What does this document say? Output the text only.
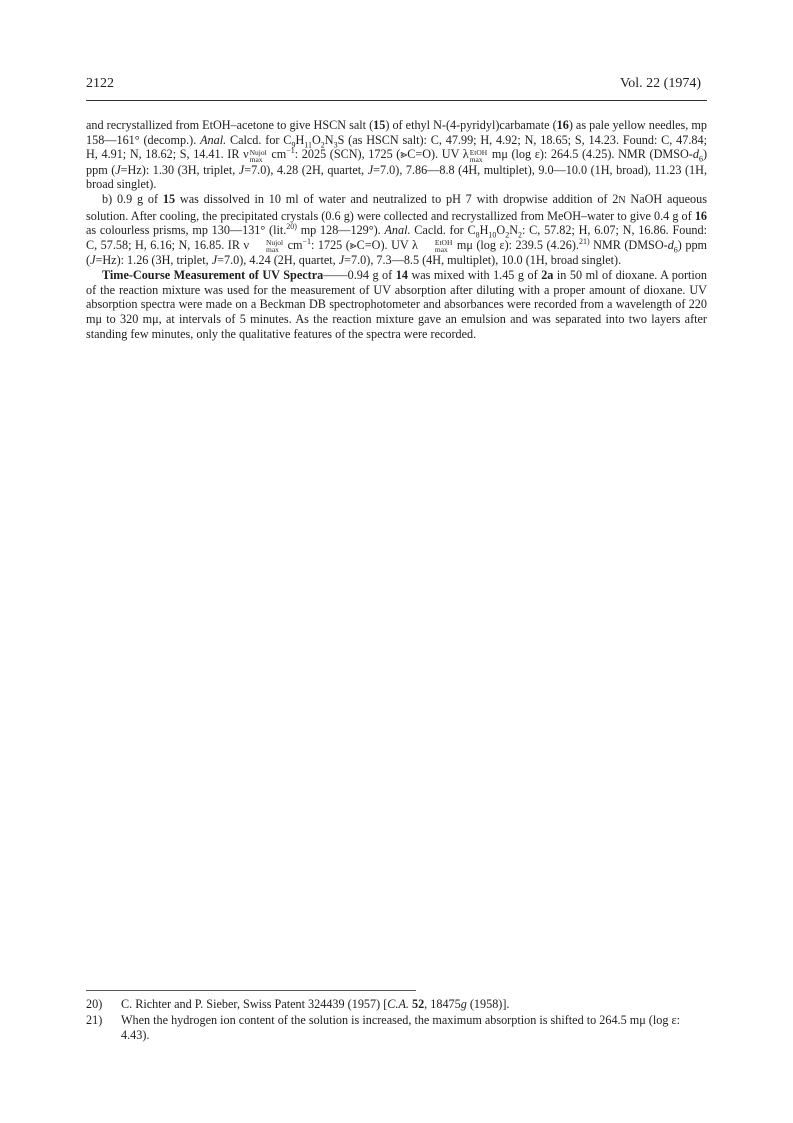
2122	Vol. 22 (1974)

and recrystallized from EtOH–acetone to give HSCN salt (15) of ethyl N-(4-pyridyl)carbamate (16) as pale yellow needles, mp 158—161° (decomp.). Anal. Calcd. for $C_9H_{11}O_2N_3S$ (as HSCN salt): C, 47.99; H, 4.92; N, 18.65; S, 14.23. Found: C, 47.84; H, 4.91; N, 18.62; S, 14.41. IR ν Nujol
$\max cm^{-1}$: 2025 (SCN), 1725 (⪢C=O). UV λ EtOH
max mμ (log ε): 264.5 (4.25). NMR $(DMSO-d_6)$ ppm (J=Hz): 1.30 (3H, triplet, J=7.0), 4.28 (2H, quartet, J=7.0), 7.86—8.8 (4H, multiplet), 9.0—10.0 (1H, broad), 11.23 (1H, broad singlet).

b) 0.9 g of 15 was dissolved in 10 ml of water and neutralized to pH 7 with dropwise addition of 2N NaOH aqueous solution. After cooling, the precipitated crystals (0.6 g) were collected and recrystallized from MeOH–water to give 0.4 g of 16 as colourless prisms, mp 130—131° (lit.$^{20)}$ mp 128—129°). Anal. Cacld. for $C_8H_{10}O_2N_2$: C, 57.82; H, 6.07; N, 16.86. Found: C, 57.58; H, 6.16; N, 16.85. IR ν	Nujol
$\max cm^{-1}$: 1725 (⪢C=O). UV λ	EtOH
max mμ (log ε): 239.5 (4.26).$^{21)}$ NMR $(DMSO-d_6)$ ppm (J=Hz): 1.26 (3H, triplet, J=7.0), 4.24 (2H, quartet, J=7.0), 7.3—8.5 (4H, multiplet), 10.0 (1H, broad singlet).

Time-Course Measurement of UV Spectra——0.94 g of 14 was mixed with 1.45 g of 2a in 50 ml of dioxane. A portion of the reaction mixture was used for the measurement of UV absorption after diluting with a proper amount of dioxane. UV absorption spectra were made on a Beckman DB spectrophotometer and absorbances were recorded from a wavelength of 220 mμ to 320 mμ, at intervals of 5 minutes. As the reaction mixture gave an emulsion and was separated into two layers after standing few minutes, only the qualitative features of the spectra were recorded.

20)	C. Richter and P. Sieber, Swiss Patent 324439 (1957) [C.A. 52, 18475g (1958)].
21)	When the hydrogen ion content of the solution is increased, the maximum absorption is shifted to 264.5 mμ (log ε: 4.43).
